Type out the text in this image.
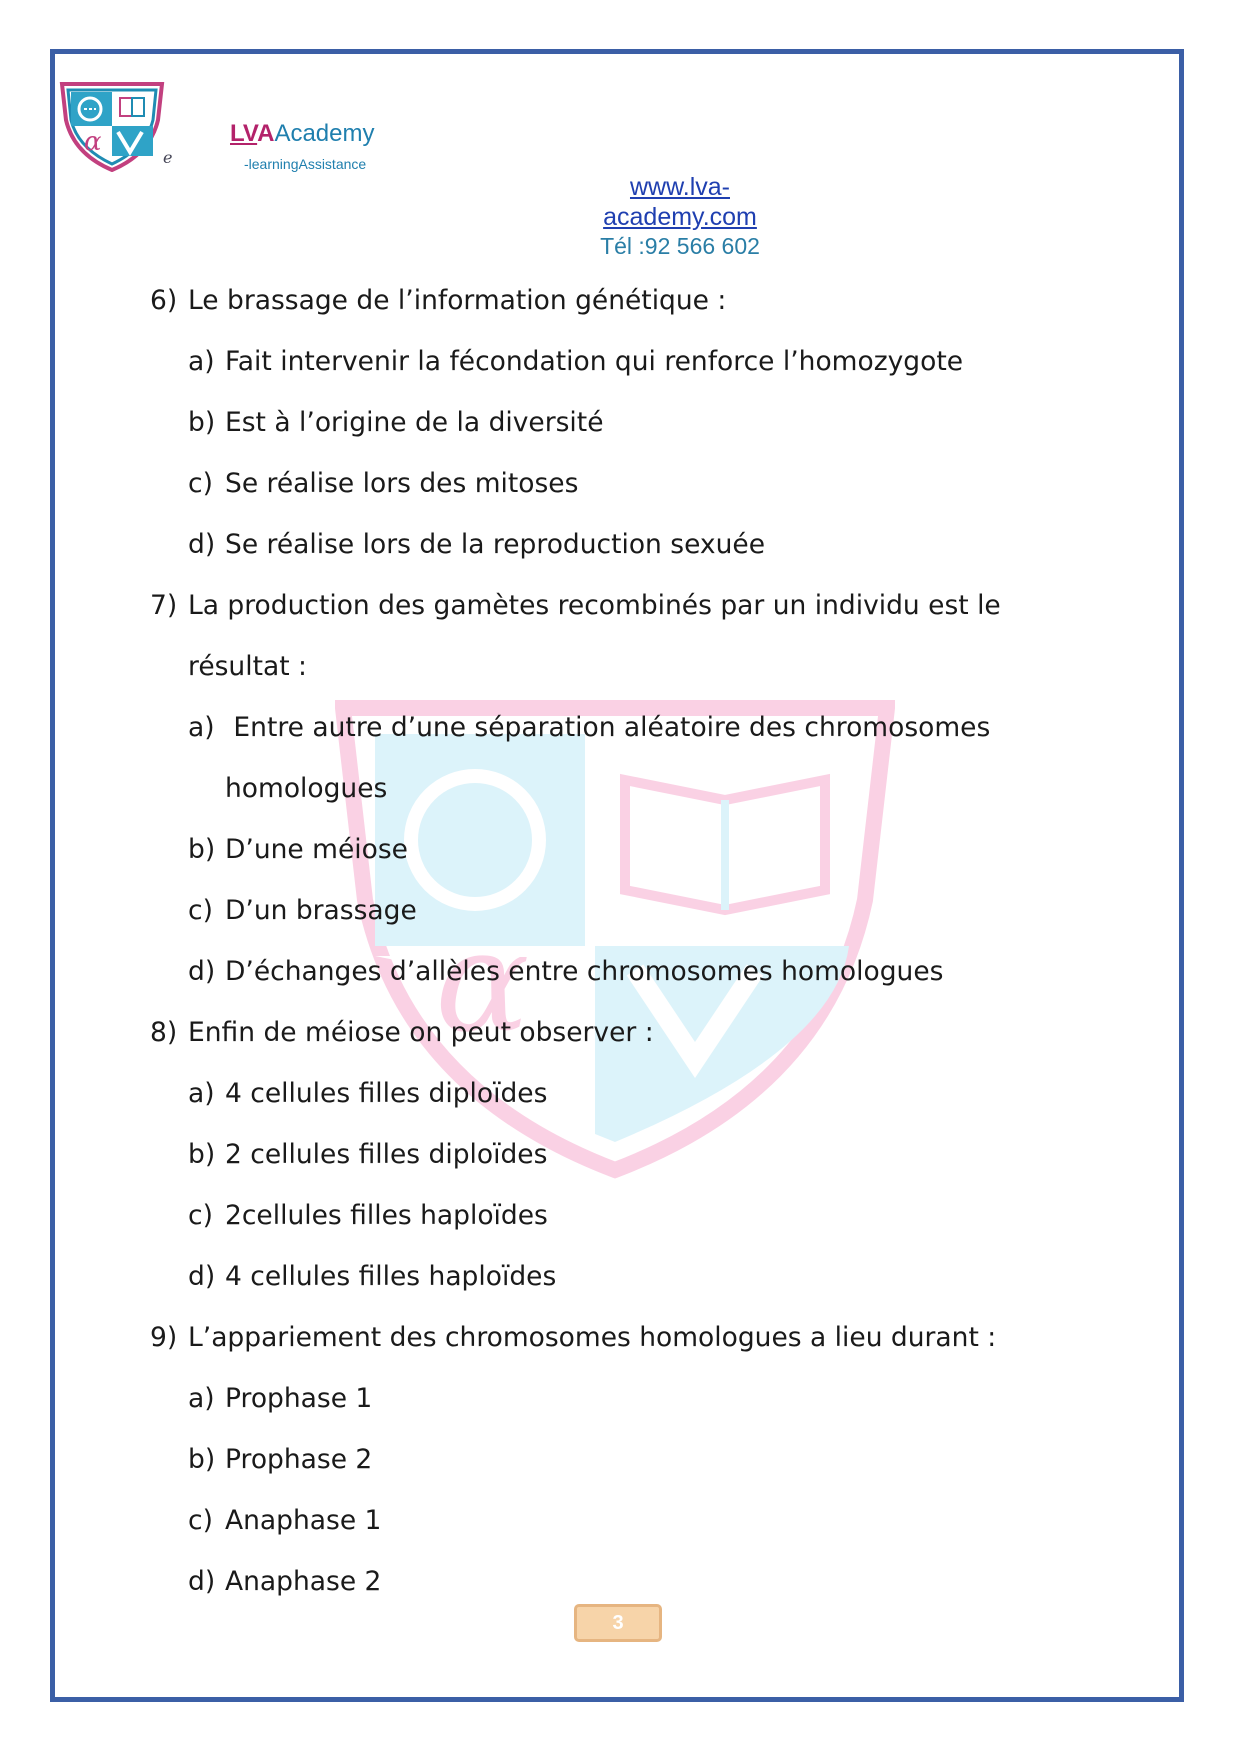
α
e
LVAAcademy
-learningAssistance
www.lva-academy.com
Tél :92 566 602
α
6) Le brassage de l’information génétique :
a) Fait intervenir la fécondation qui renforce l’homozygote
b) Est à l’origine de la diversité
c) Se réalise lors des mitoses
d) Se réalise lors de la reproduction sexuée
7) La production des gamètes recombinés par un individu est le
résultat :
a) Entre autre d’une séparation aléatoire des chromosomes
homologues
b) D’une méiose
c) D’un brassage
d) D’échanges d’allèles entre chromosomes homologues
8) Enfin de méiose on peut observer :
a) 4 cellules filles diploïdes
b) 2 cellules filles diploïdes
c) 2cellules filles haploïdes
d) 4 cellules filles haploïdes
9) L’appariement des chromosomes homologues a lieu durant :
a) Prophase 1
b) Prophase 2
c) Anaphase 1
d) Anaphase 2
3
